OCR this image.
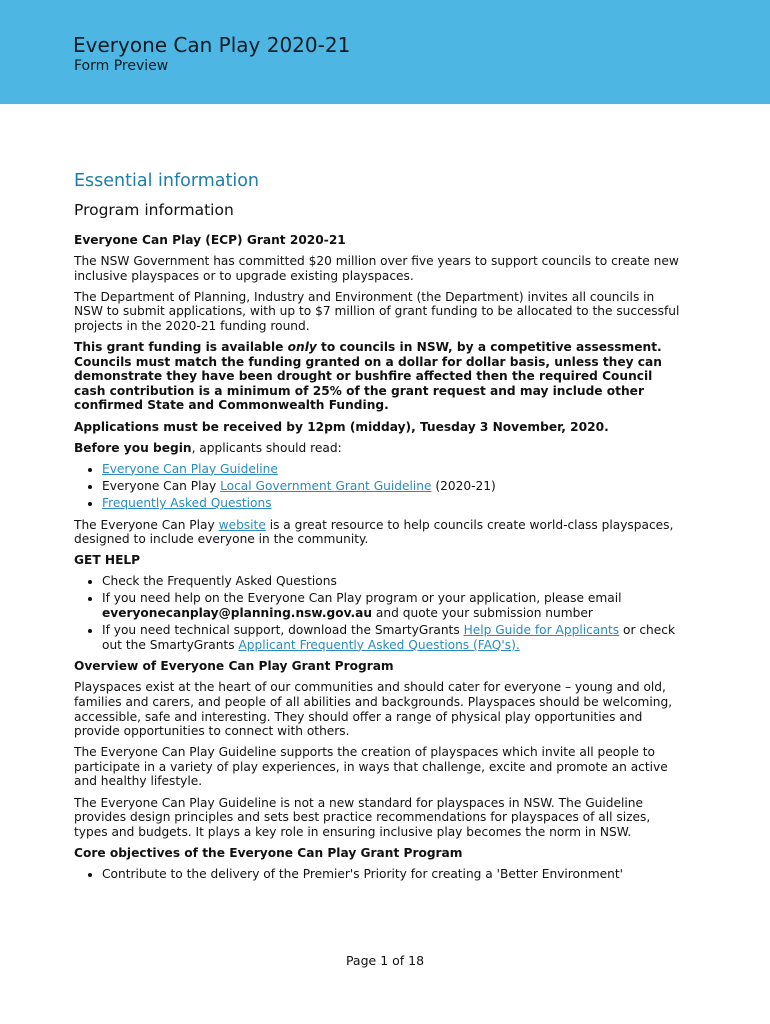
Everyone Can Play 2020-21
Form Preview
Essential information
Program information

Everyone Can Play (ECP) Grant 2020-21

The NSW Government has committed $20 million over five years to support councils to create new inclusive playspaces or to upgrade existing playspaces.

The Department of Planning, Industry and Environment (the Department) invites all councils in NSW to submit applications, with up to $7 million of grant funding to be allocated to the successful projects in the 2020-21 funding round.

This grant funding is available only to councils in NSW, by a competitive assessment. Councils must match the funding granted on a dollar for dollar basis, unless they can demonstrate they have been drought or bushfire affected then the required Council cash contribution is a minimum of 25% of the grant request and may include other confirmed State and Commonwealth Funding.

Applications must be received by 12pm (midday), Tuesday 3 November, 2020.

Before you begin, applicants should read:

• Everyone Can Play Guideline
• Everyone Can Play Local Government Grant Guideline (2020-21)
• Frequently Asked Questions

The Everyone Can Play website is a great resource to help councils create world-class playspaces, designed to include everyone in the community.

GET HELP

• Check the Frequently Asked Questions
• If you need help on the Everyone Can Play program or your application, please email everyonecanplay@planning.nsw.gov.au and quote your submission number
• If you need technical support, download the SmartyGrants Help Guide for Applicants or check out the SmartyGrants Applicant Frequently Asked Questions (FAQ's).

Overview of Everyone Can Play Grant Program

Playspaces exist at the heart of our communities and should cater for everyone – young and old, families and carers, and people of all abilities and backgrounds. Playspaces should be welcoming, accessible, safe and interesting. They should offer a range of physical play opportunities and provide opportunities to connect with others.

The Everyone Can Play Guideline supports the creation of playspaces which invite all people to participate in a variety of play experiences, in ways that challenge, excite and promote an active and healthy lifestyle.

The Everyone Can Play Guideline is not a new standard for playspaces in NSW. The Guideline provides design principles and sets best practice recommendations for playspaces of all sizes, types and budgets. It plays a key role in ensuring inclusive play becomes the norm in NSW.

Core objectives of the Everyone Can Play Grant Program

• Contribute to the delivery of the Premier's Priority for creating a 'Better Environment'
Page 1 of 18
